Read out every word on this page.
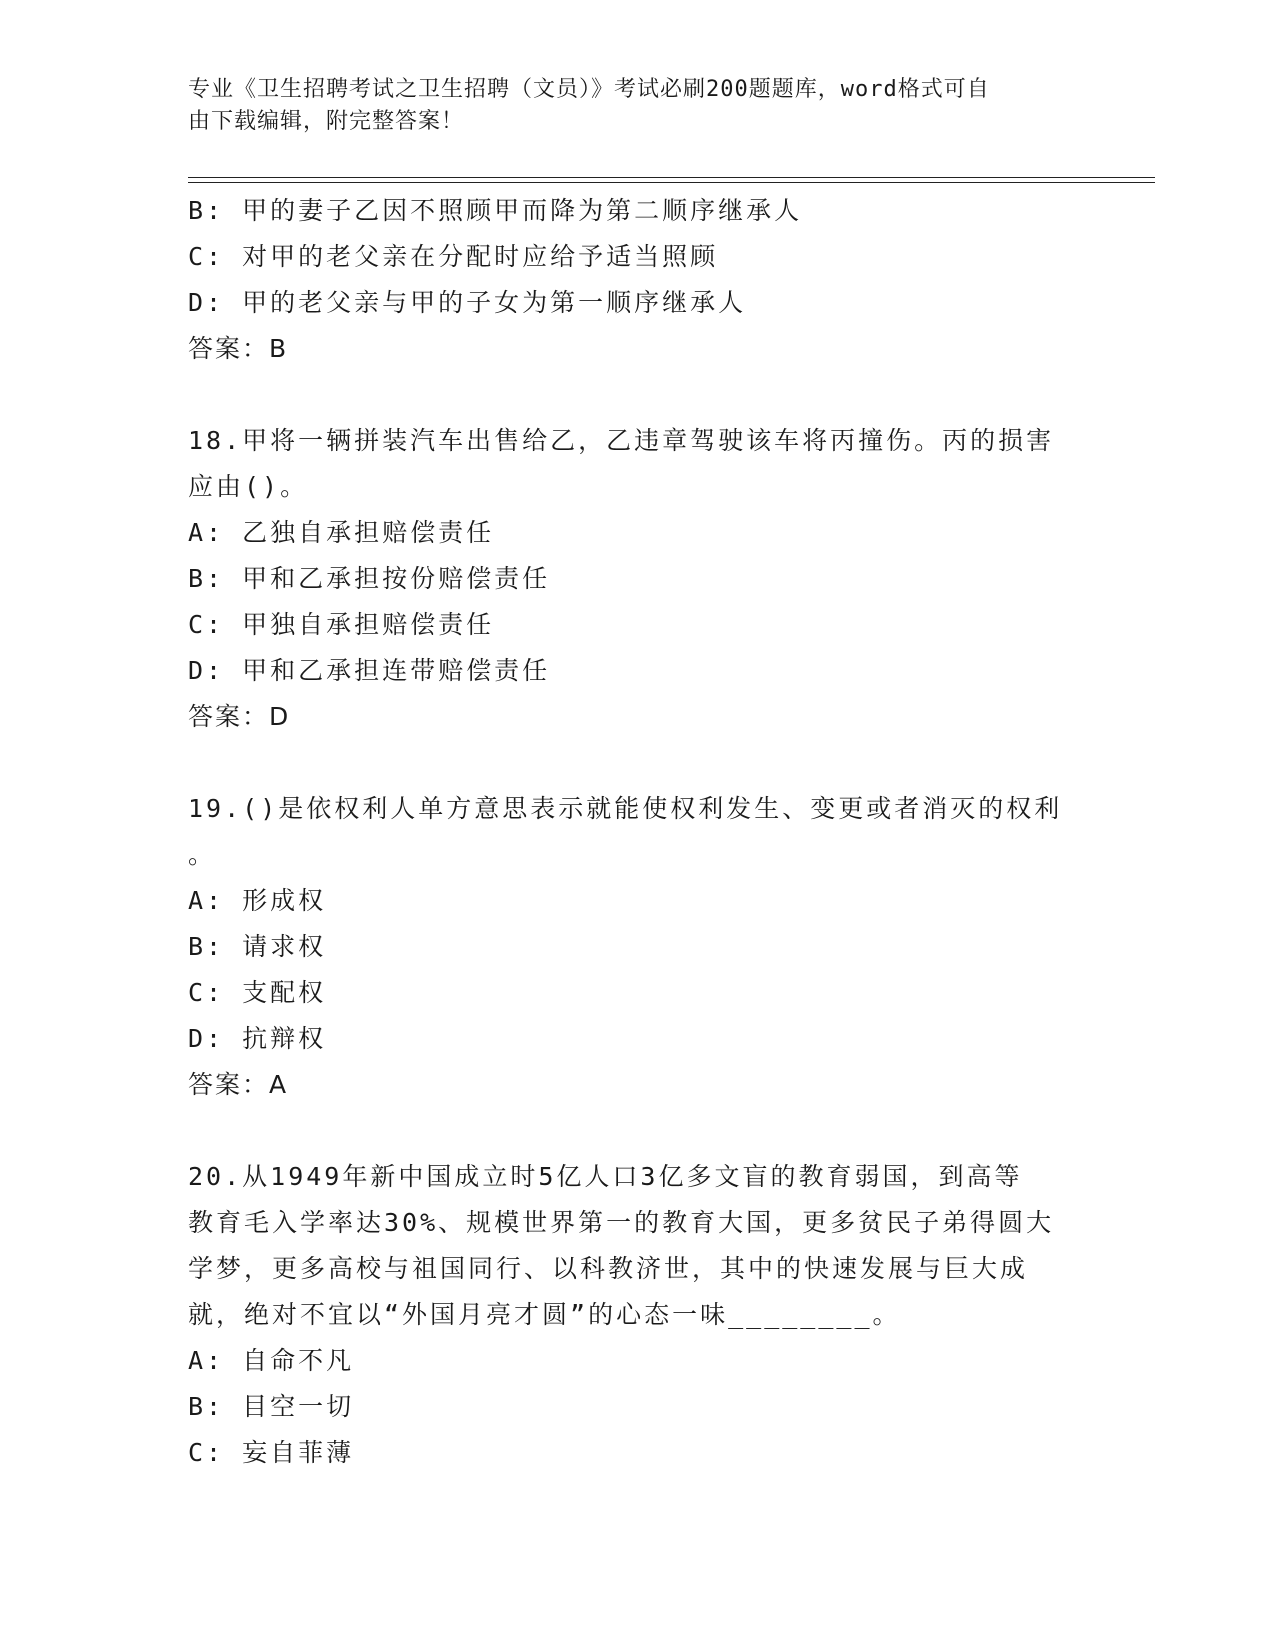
专业《卫生招聘考试之卫生招聘（文员）》考试必刷200题题库，word格式可自
由下载编辑，附完整答案！
B: 甲的妻子乙因不照顾甲而降为第二顺序继承人
C: 对甲的老父亲在分配时应给予适当照顾
D: 甲的老父亲与甲的子女为第一顺序继承人
答案：B
18.甲将一辆拼装汽车出售给乙，乙违章驾驶该车将丙撞伤。丙的损害
应由()。
A: 乙独自承担赔偿责任
B: 甲和乙承担按份赔偿责任
C: 甲独自承担赔偿责任
D: 甲和乙承担连带赔偿责任
答案：D
19.()是依权利人单方意思表示就能使权利发生、变更或者消灭的权利
。
A: 形成权
B: 请求权
C: 支配权
D: 抗辩权
答案：A
20.从1949年新中国成立时5亿人口3亿多文盲的教育弱国，到高等
教育毛入学率达30%、规模世界第一的教育大国，更多贫民子弟得圆大
学梦，更多高校与祖国同行、以科教济世，其中的快速发展与巨大成
就，绝对不宜以“外国月亮才圆”的心态一味________。
A: 自命不凡
B: 目空一切
C: 妄自菲薄
